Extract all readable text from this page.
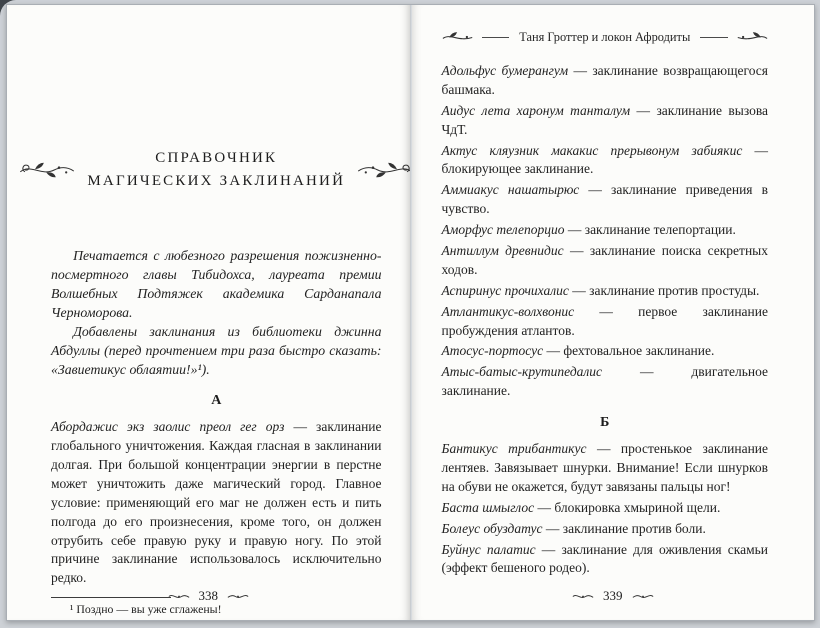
СПРАВОЧНИК
МАГИЧЕСКИХ ЗАКЛИНАНИЙ

Печатается с любезного разрешения пожизненно-посмертного главы Тибидохса, лауреата премии Волшебных Подтяжек академика Сарданапала Черноморова.

Добавлены заклинания из библиотеки джинна Абдуллы (перед прочтением три раза быстро сказать: «Завиетикус облаятии!»¹).

А

Абордажис экз заолис преол гег орз — заклинание глобального уничтожения. Каждая гласная в заклинании долгая. При большой концентрации энергии в перстне может уничтожить даже магический город. Главное условие: применяющий его маг не должен есть и пить полгода до его произнесения, кроме того, он должен отрубить себе правую руку и правую ногу. По этой причине заклинание использовалось исключительно редко.

¹ Поздно — вы уже сглажены!

338
Таня Гроттер и локон Афродиты

Адольфус бумерангум — заклинание возвращающегося башмака.

Аидус лета харонум танталум — заклинание вызова ЧдТ.

Актус кляузник макакис прерывонум забиякис — блокирующее заклинание.

Аммиакус нашатырюс — заклинание приведения в чувство.

Аморфус телепорцио — заклинание телепортации.

Антиллум древнидис — заклинание поиска секретных ходов.

Аспиринус прочихалис — заклинание против простуды.

Атлантикус-волхвонис — первое заклинание пробуждения атлантов.

Атосус-портосус — фехтовальное заклинание.

Атыс-батыс-крутипедалис	— двигательное заклинание.

Б

Бантикус трибантикус — простенькое заклинание лентяев. Завязывает шнурки. Внимание! Если шнурков на обуви не окажется, будут завязаны пальцы ног!

Баста шмыглос — блокировка хмыриной щели.

Болеус обуздатус — заклинание против боли.

Буйнус палатис — заклинание для оживления скамьи (эффект бешеного родео).

339
